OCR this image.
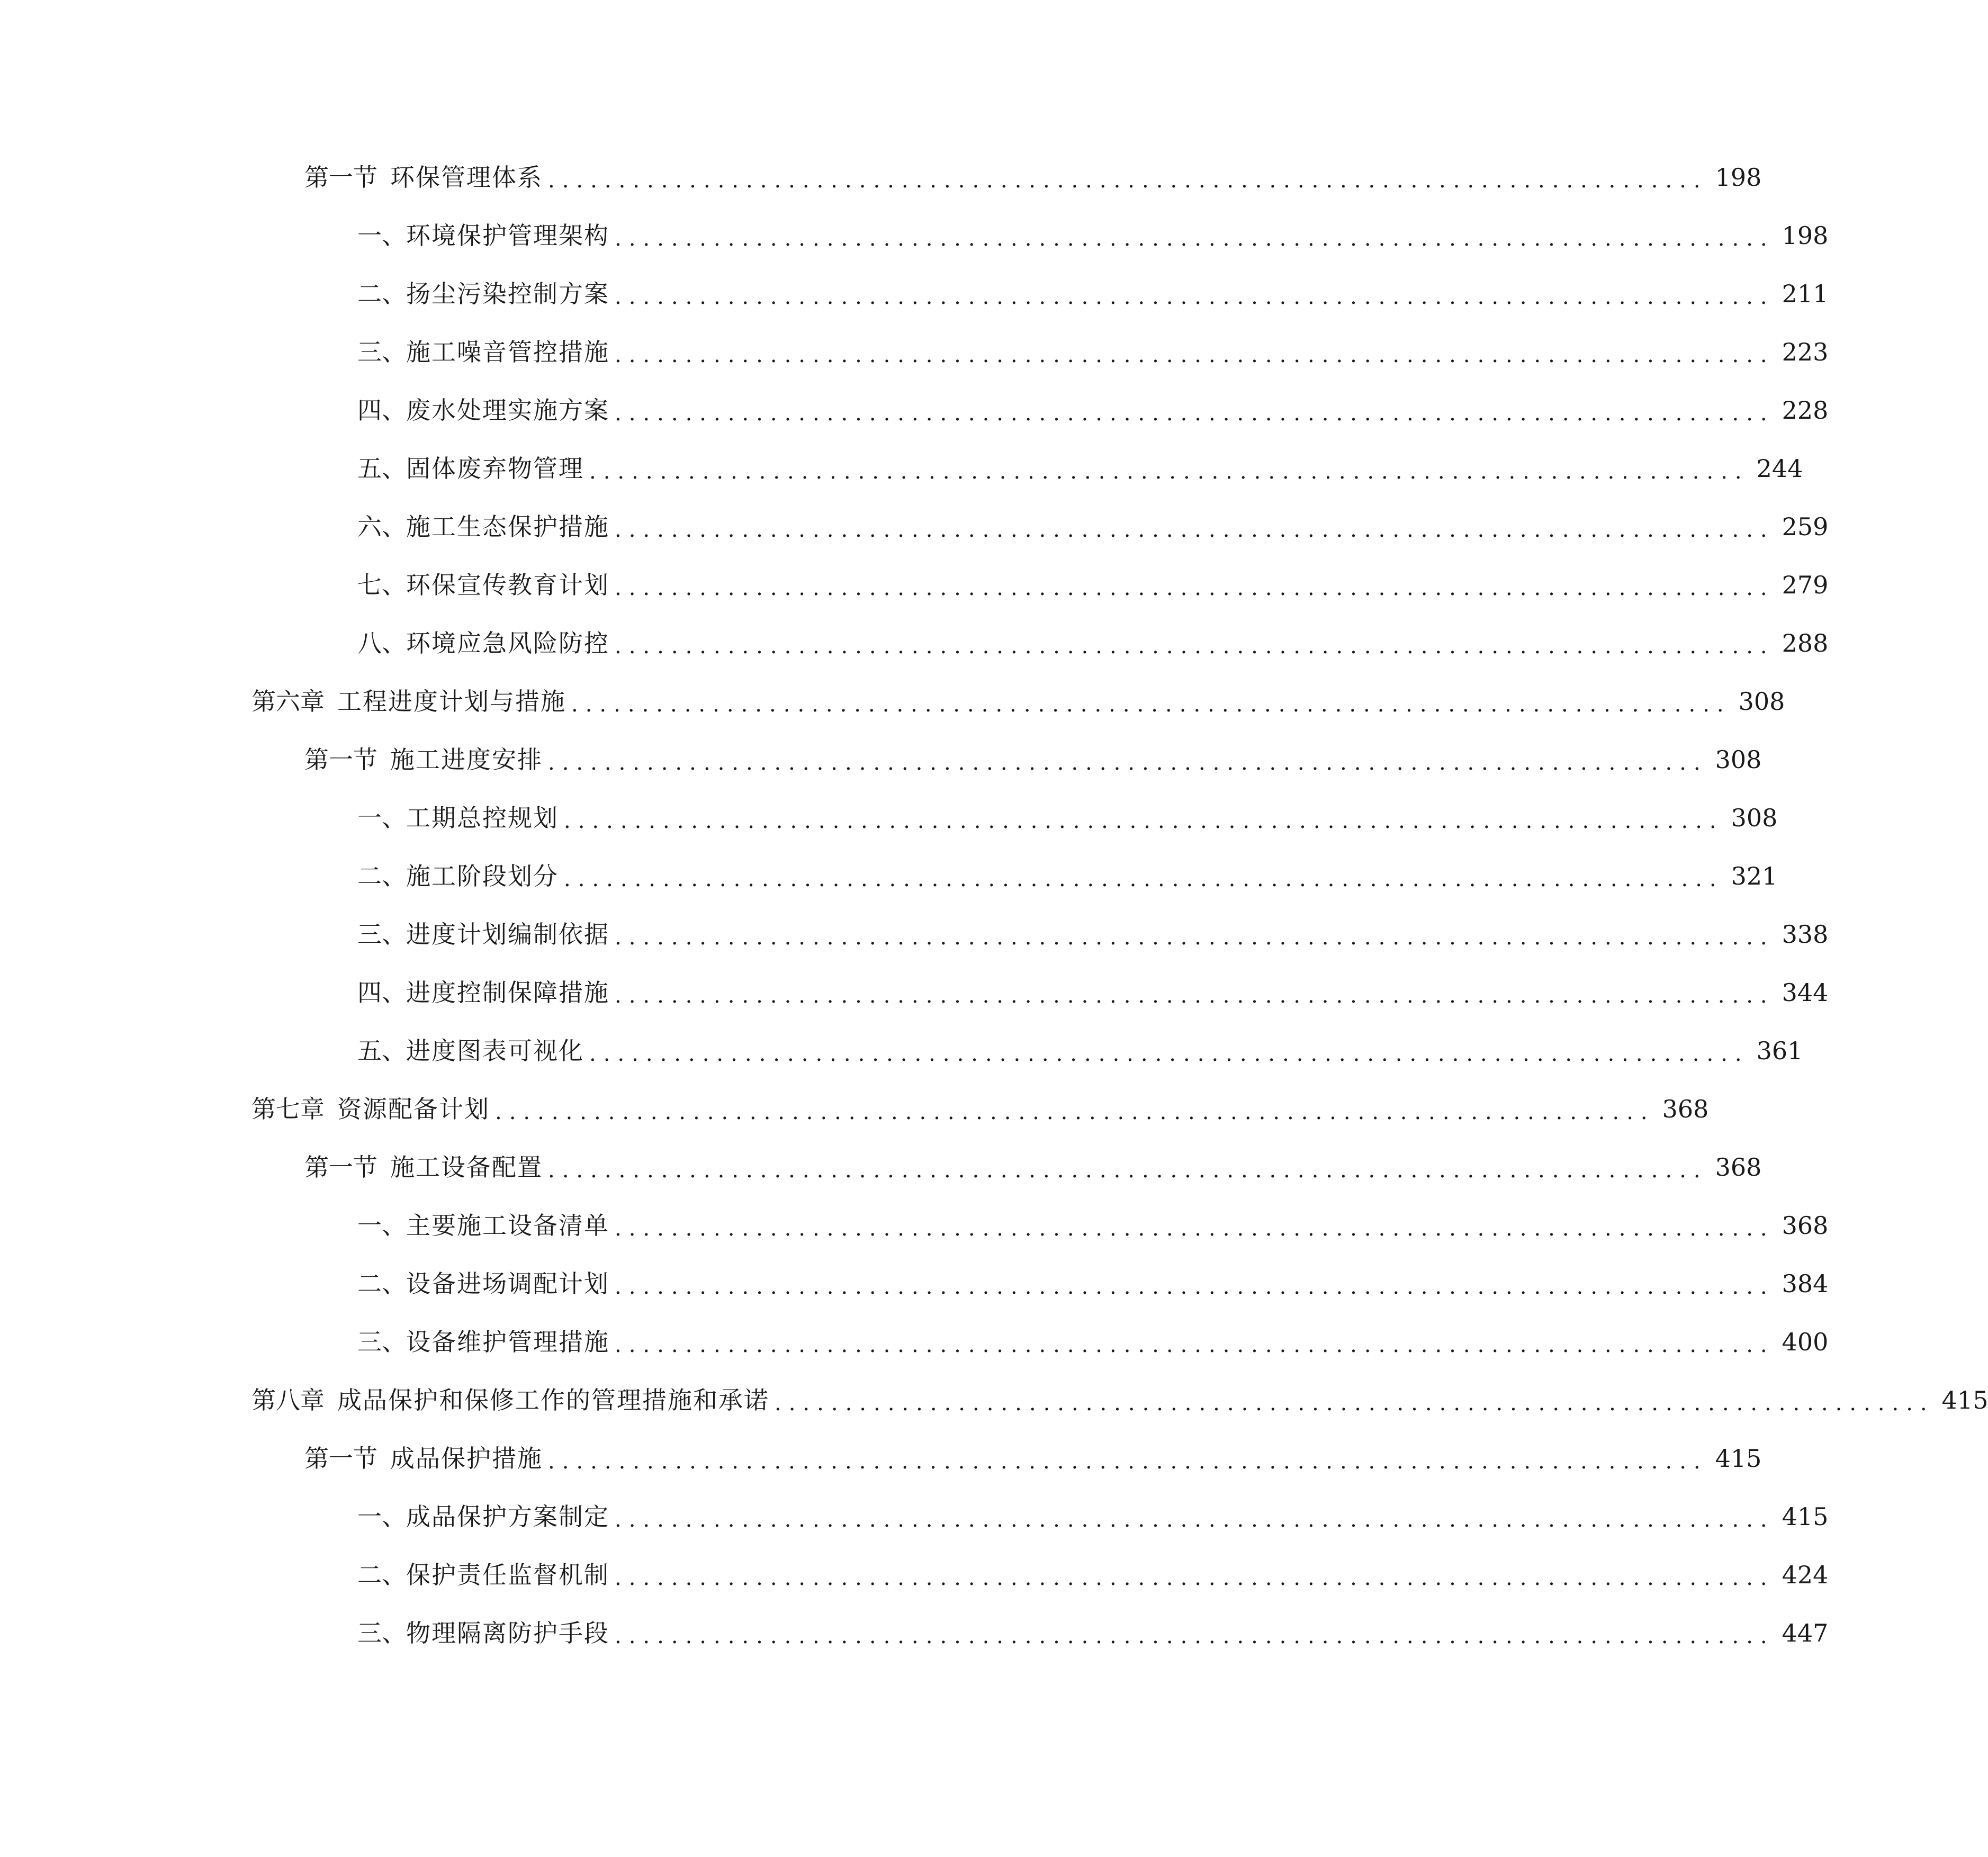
第一节 环保管理体系 .................................................................................. 198
一、 环境保护管理架构 .................................................................................. 198
二、 扬尘污染控制方案 .................................................................................. 211
三、 施工噪音管控措施 .................................................................................. 223
四、 废水处理实施方案 .................................................................................. 228
五、 固体废弃物管理 .................................................................................. 244
六、 施工生态保护措施 .................................................................................. 259
七、 环保宣传教育计划 .................................................................................. 279
八、 环境应急风险防控 .................................................................................. 288
第六章 工程进度计划与措施 .................................................................................. 308
第一节 施工进度安排 .................................................................................. 308
一、 工期总控规划 .................................................................................. 308
二、 施工阶段划分 .................................................................................. 321
三、 进度计划编制依据 .................................................................................. 338
四、 进度控制保障措施 .................................................................................. 344
五、 进度图表可视化 .................................................................................. 361
第七章 资源配备计划 .................................................................................. 368
第一节 施工设备配置 .................................................................................. 368
一、 主要施工设备清单 .................................................................................. 368
二、 设备进场调配计划 .................................................................................. 384
三、 设备维护管理措施 .................................................................................. 400
第八章 成品保护和保修工作的管理措施和承诺 .................................................................................. 415
第一节 成品保护措施 .................................................................................. 415
一、 成品保护方案制定 .................................................................................. 415
二、 保护责任监督机制 .................................................................................. 424
三、 物理隔离防护手段 .................................................................................. 447
